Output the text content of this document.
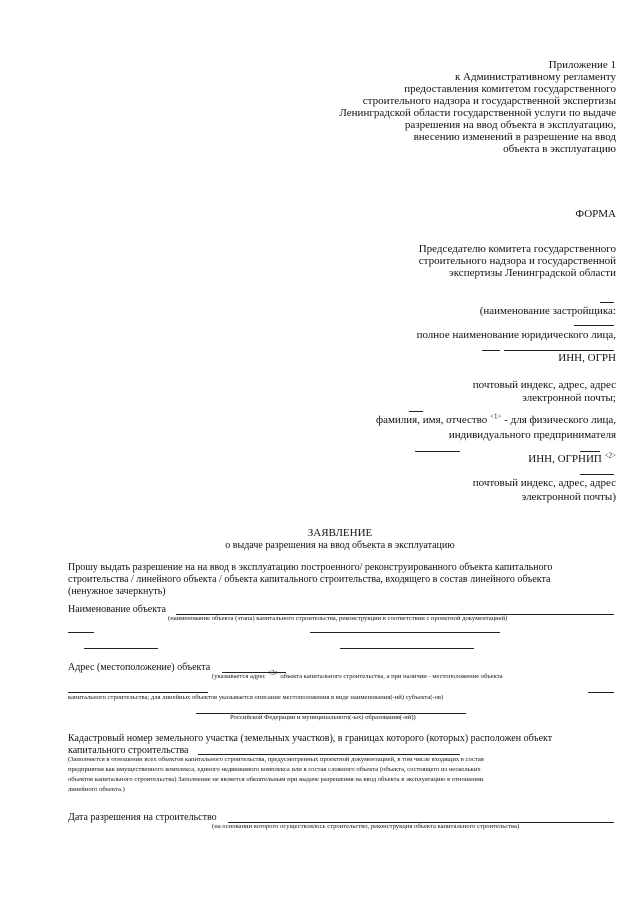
Приложение 1
к Административному регламенту
предоставления комитетом государственного
строительного надзора и государственной экспертизы
Ленинградской области государственной услуги по выдаче
разрешения на ввод объекта в эксплуатацию,
внесению изменений в разрешение на ввод
объекта в эксплуатацию
ФОРМА
Председателю комитета государственного
строительного надзора и государственной
экспертизы Ленинградской области
(наименование застройщика:
полное наименование юридического лица,
ИНН, ОГРН
почтовый индекс, адрес, адрес
электронной почты;
фамилия, имя, отчество $^{<1>}$ - для физического лица,
индивидуального предпринимателя
ИНН, ОГРНИП $^{<2>}$
почтовый индекс, адрес, адрес
электронной почты)
ЗАЯВЛЕНИЕ
о выдаче разрешения на ввод объекта в эксплуатацию
Прошу выдать разрешение на на ввод в эксплуатацию построенного/ реконструированного объекта капитального
строительства / линейного объекта / объекта капитального строительства, входящего в состав линейного объекта
(ненужное зачеркнуть)
Наименование объекта
(наименование объекта (этапа) капитального строительства, реконструкции в соответствии с проектной документацией)
Адрес (местоположение) объекта
(указывается адрес $^{<3>}$ объекта капитального строительства, а при наличии - местоположение объекта
капитального строительства; для линейных объектов указывается описание местоположения в виде наименования(-ий) субъекта(-ов)
Российской Федерации и муниципального(-ых) образования(-ий))
Кадастровый номер земельного участка (земельных участков), в границах которого (которых) расположен объект
капитального строительства
(Заполняется в отношении всех объектов капитального строительства, предусмотренных проектной документацией, в том числе входящих в состав
предприятия как имущественного комплекса, единого недвижимого комплекса или в состав сложного объекта (объекта, состоящего из нескольких
объектов капитального строительства) Заполнение не является обязательным при выдаче разрешения на ввод объекта в эксплуатацию в отношении
линейного объекта.)
Дата разрешения на строительство
(на основании которого осуществлялось строительство, реконструкция объекта капитального строительства)
